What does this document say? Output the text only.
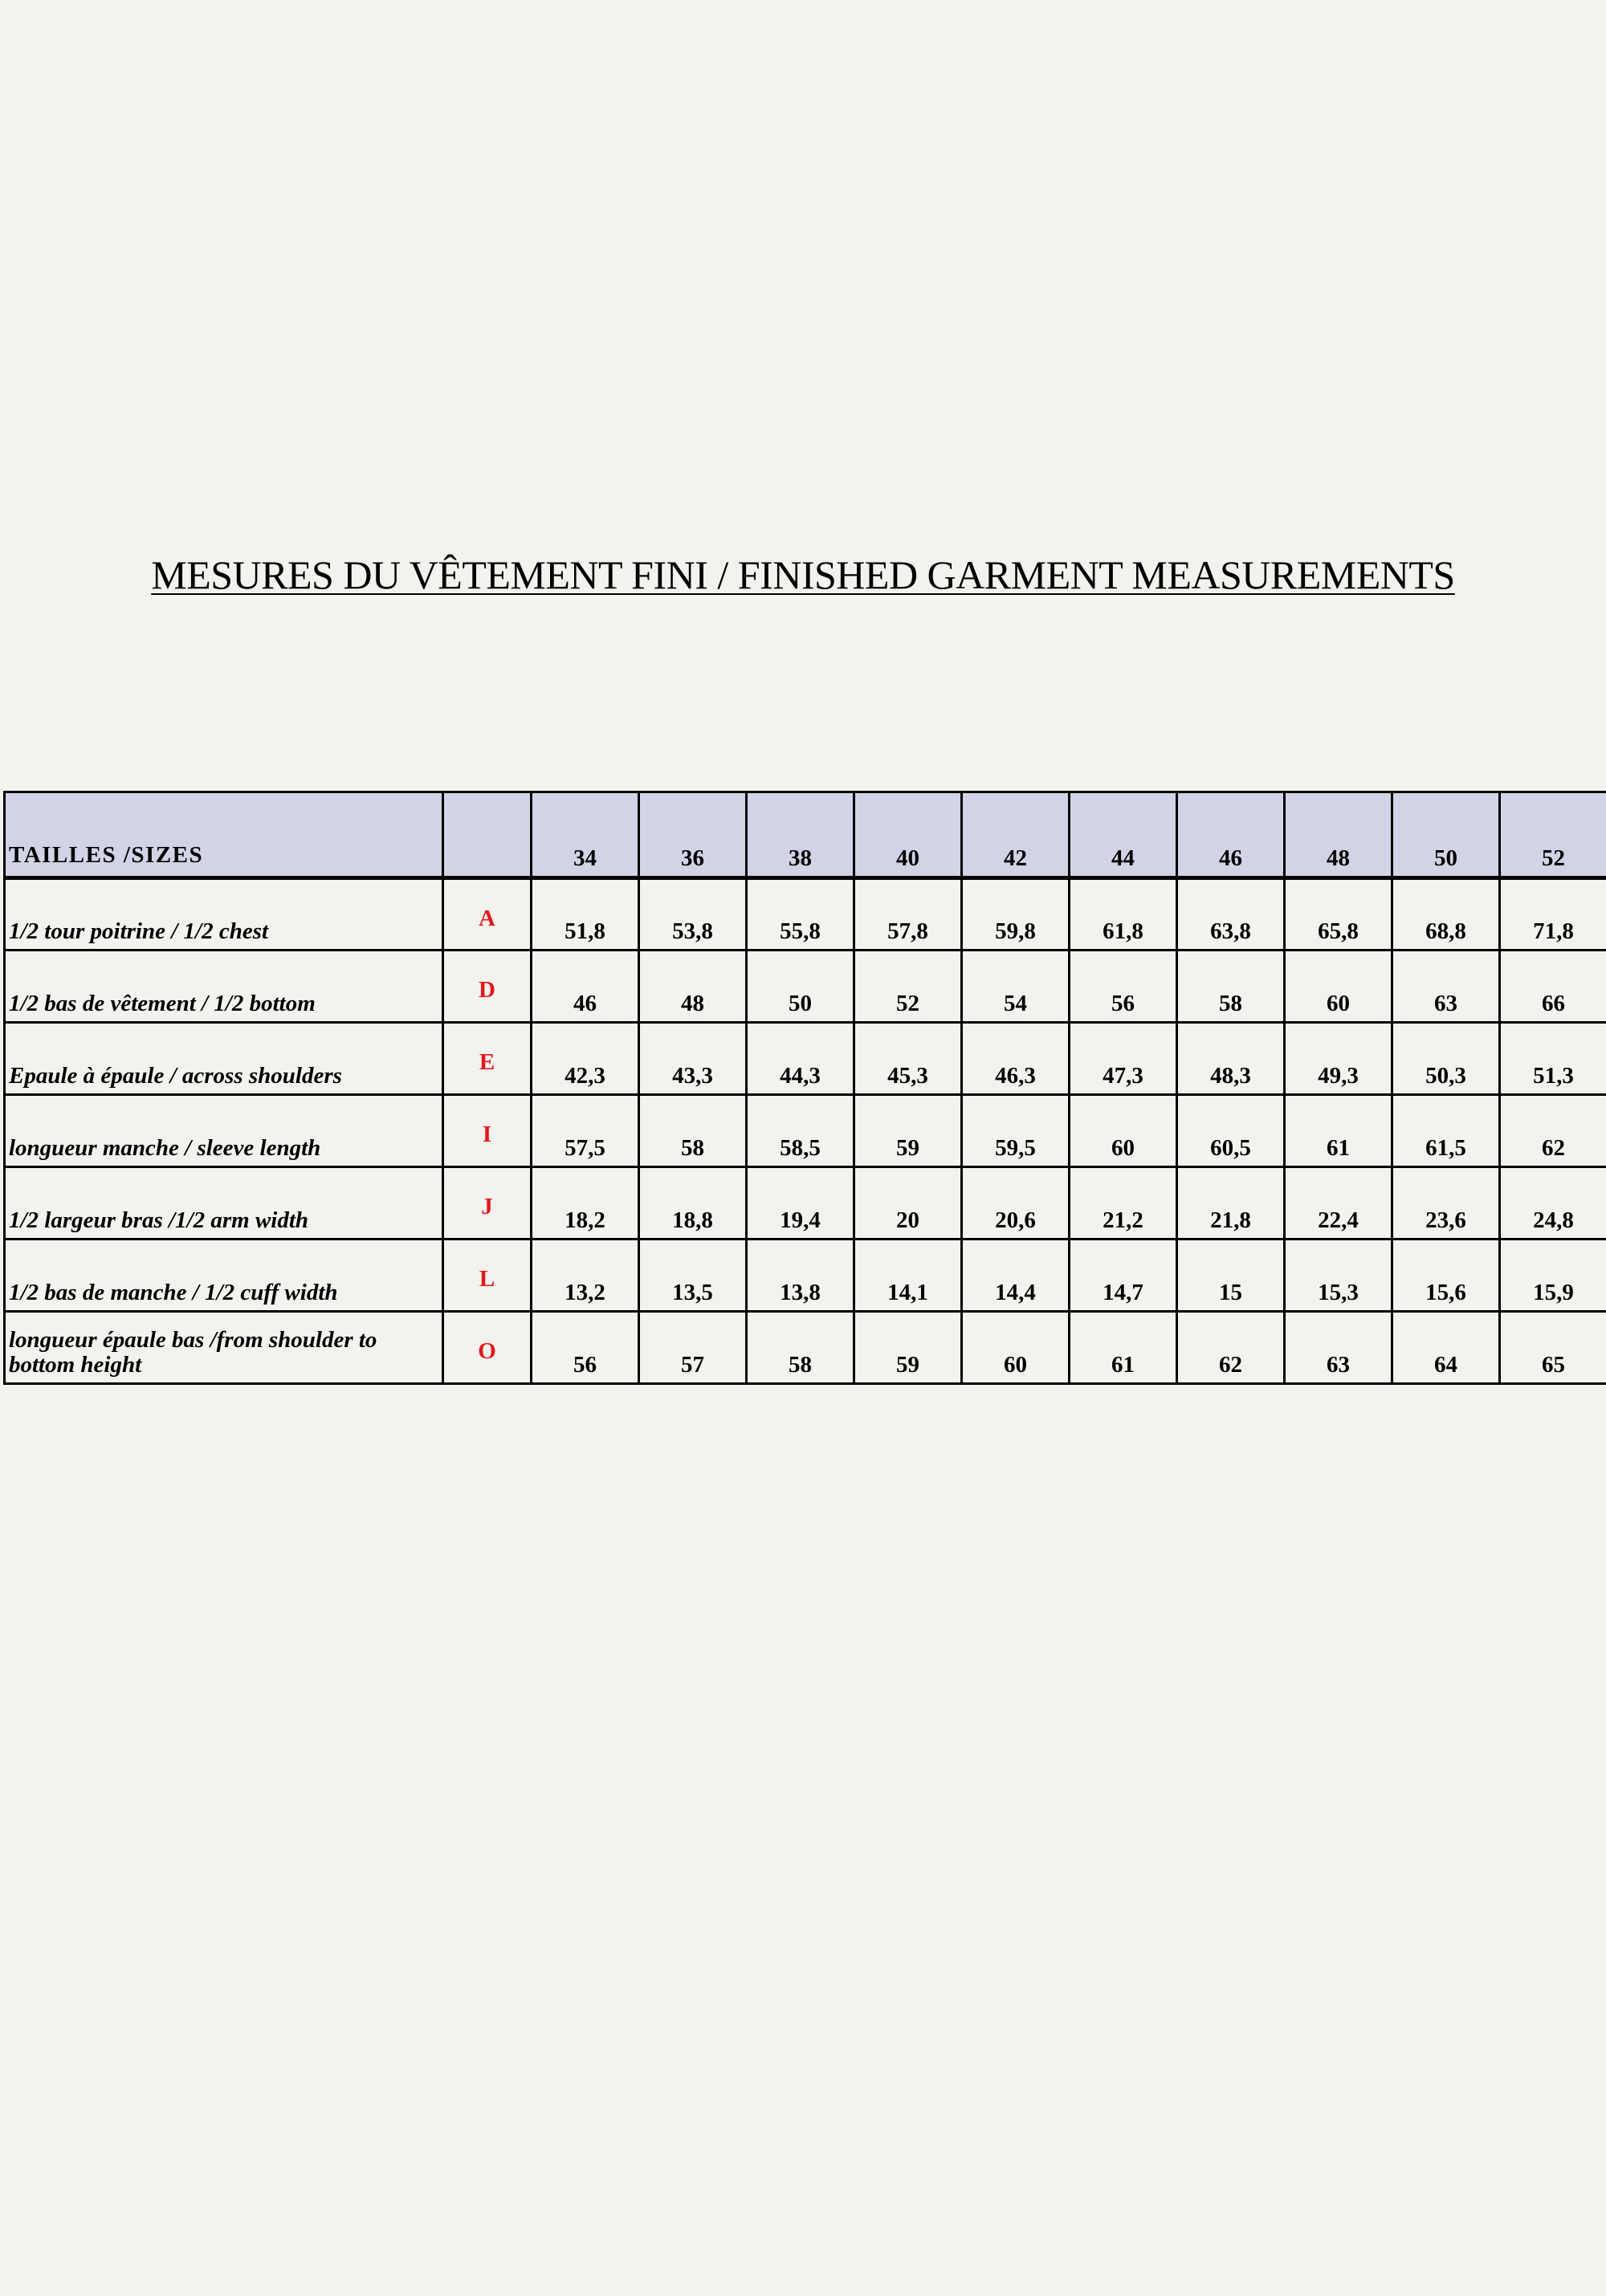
MESURES DU VÊTEMENT FINI / FINISHED GARMENT MEASUREMENTS
TAILLES /SIZES		34	36	38	40	42	44	46	48	50	52
1/2 tour poitrine / 1/2 chest	A	51,8	53,8	55,8	57,8	59,8	61,8	63,8	65,8	68,8	71,8
1/2 bas de vêtement / 1/2 bottom	D	46	48	50	52	54	56	58	60	63	66
Epaule à épaule / across shoulders	E	42,3	43,3	44,3	45,3	46,3	47,3	48,3	49,3	50,3	51,3
longueur manche / sleeve length	I	57,5	58	58,5	59	59,5	60	60,5	61	61,5	62
1/2 largeur bras /1/2 arm width	J	18,2	18,8	19,4	20	20,6	21,2	21,8	22,4	23,6	24,8
1/2 bas de manche / 1/2 cuff width	L	13,2	13,5	13,8	14,1	14,4	14,7	15	15,3	15,6	15,9
longueur épaule bas /from shoulder to bottom height	O	56	57	58	59	60	61	62	63	64	65
